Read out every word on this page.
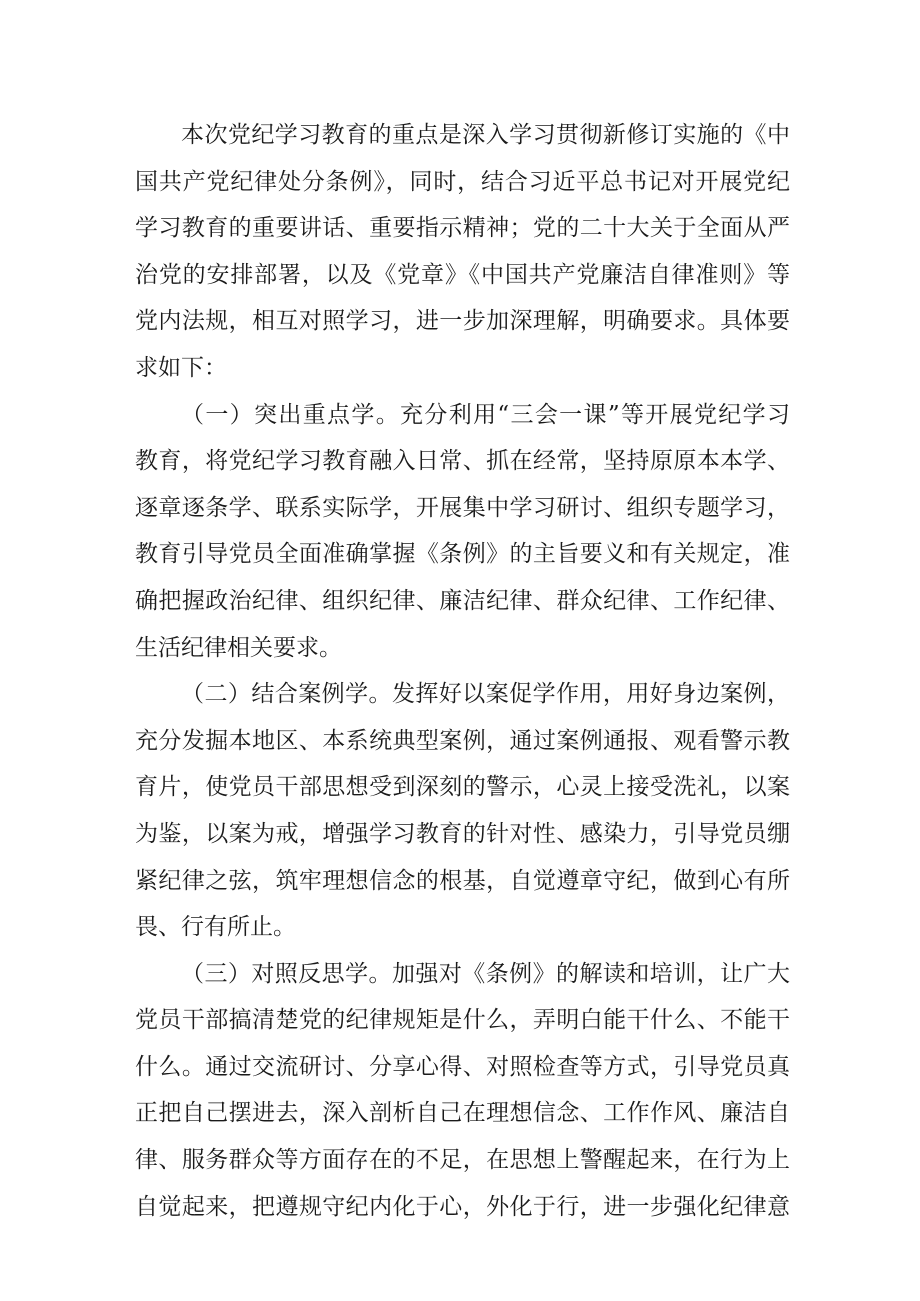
本次党纪学习教育的重点是深入学习贯彻新修订实施的《中
国共产党纪律处分条例》，同时，结合习近平总书记对开展党纪
学习教育的重要讲话、重要指示精神；党的二十大关于全面从严
治党的安排部署，以及《党章》《中国共产党廉洁自律准则》等
党内法规，相互对照学习，进一步加深理解，明确要求。具体要
求如下：
（一）突出重点学。充分利用“三会一课”等开展党纪学习
教育，将党纪学习教育融入日常、抓在经常，坚持原原本本学、
逐章逐条学、联系实际学，开展集中学习研讨、组织专题学习，
教育引导党员全面准确掌握《条例》的主旨要义和有关规定，准
确把握政治纪律、组织纪律、廉洁纪律、群众纪律、工作纪律、
生活纪律相关要求。
（二）结合案例学。发挥好以案促学作用，用好身边案例，
充分发掘本地区、本系统典型案例，通过案例通报、观看警示教
育片，使党员干部思想受到深刻的警示，心灵上接受洗礼，以案
为鉴，以案为戒，增强学习教育的针对性、感染力，引导党员绷
紧纪律之弦，筑牢理想信念的根基，自觉遵章守纪，做到心有所
畏、行有所止。
（三）对照反思学。加强对《条例》的解读和培训，让广大
党员干部搞清楚党的纪律规矩是什么，弄明白能干什么、不能干
什么。通过交流研讨、分享心得、对照检查等方式，引导党员真
正把自己摆进去，深入剖析自己在理想信念、工作作风、廉洁自
律、服务群众等方面存在的不足，在思想上警醒起来，在行为上
自觉起来，把遵规守纪内化于心，外化于行，进一步强化纪律意
